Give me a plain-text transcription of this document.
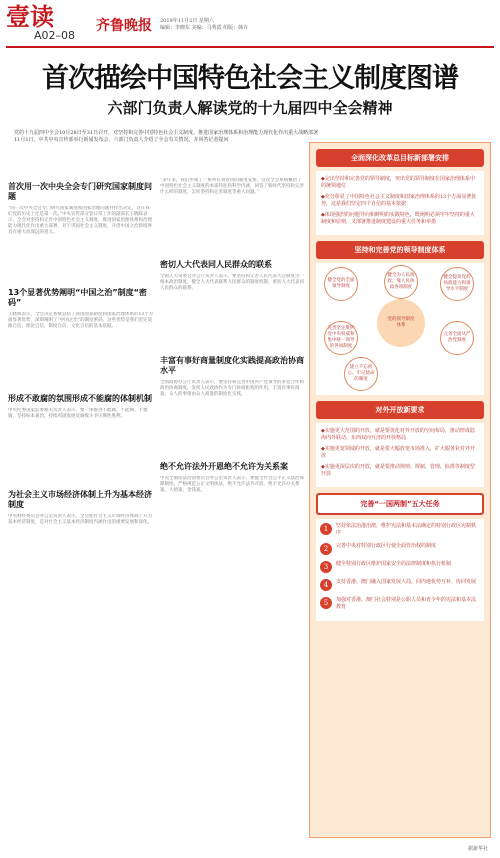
壹读
A02–08
齐鲁晚报 2019年11月2日 星期六
编辑：李晓东 美编：马秀霞 组版：韩卉
首次描绘中国特色社会主义制度图谱
六部门负责人解读党的十九届四中全会精神
党的十九届四中全会10月28日至31日召开，对坚持和完善中国特色社会主义制度、推进国家治理体系和治理能力现代化作出重大战略部署
11月1日，中共中央宣传部举行新闻发布会，六部门负责人介绍了全会有关情况，并回答记者提问
首次用一次中央全会专门研究国家制度问题

“同一次中央全会专门研究国家制度和国家治理问题并作出决定，这在我们党的历史上还是第一次。”中央宣传部分管日常工作的副部长王晓晖表示，全会对坚持和完善中国特色社会主义制度、推进国家治理体系和治理能力现代化作出重大部署，对于巩固社会主义制度、开创中国之治新境界具有重大而深远的意义。

13个显著优势阐明“中国之治”制度“密码”

王晓晖表示，全会决定系统总结了我国国家制度和国家治理体系的13个方面显著优势，深刻阐明了“中国之治”的制度密码，这些优势是我们坚定道路自信、理论自信、制度自信、文化自信的基本依据。

形成不敢腐的氛围形成不能腐的体制机制

中央纪委国家监委相关负责人表示，要一体推进不敢腐、不能腐、不想腐，坚持标本兼治，持续巩固发展反腐败斗争压倒性胜利。

为社会主义市场经济体制上升为基本经济制度

中央财经委员会办公室负责人表示，全会把社会主义市场经济体制上升为基本经济制度，是对社会主义基本经济制度内涵作出的重要发展和深化。

“多年来，我们形成了一系列有效管用的制度安排，这次全会系统概括了中国特色社会主义制度的本质特征和科学内涵，回答了新时代坚持和完善什么样的制度、怎样坚持和完善制度等重大问题。”

密切人大代表同人民群众的联系

全国人大常委会办公厅负责人表示，要坚持和完善人民代表大会制度这一根本政治制度，健全人大代表联系人民群众的制度机制，密切人大代表同人民群众的联系。

丰富有事好商量制度化实践提高政治协商水平

全国政协办公厅负责人表示，要坚持和完善中国共产党领导的多党合作和政治协商制度，发挥人民政协作为专门协商机构的作用，丰富有事好商量、众人的事情由众人商量的制度化实践。

绝不允许法外开恩绝不允许为关系案

中央全面依法治国委员会办公室负责人表示，要健全社会公平正义法治保障制度，严格规范公正文明执法，绝不允许法外开恩，绝不允许办关系案、人情案、金钱案。

全面深化改革总目标新部署安排
◆完出坚持和完善党的领导制度，突出党的领导制度在国家治理体系中的统领地位
◆充分彰显了中国特色社会主义制度和国家治理体系的13个方面显著优势，这是我们坚定四个自信的基本依据
◆体现强烈的问题导向和鲜明的实践特色，既阐明必须牢牢坚持的重大制度和原则，又部署推进制度建设的重大任务和举措
坚持和完善党的领导制度体系
党的领导制度体系
健全党的全面领导制度
健全为人民执政、靠人民执政各项制度
健全提高党的执政能力和领导水平制度
完善坚定维护党中央权威和集中统一领导的各项制度
完善全面从严治党制度
建立不忘初心、牢记使命的制度
对外开放新要求
◆实施更大范围的开放，就是要优化对外开放的空间布局，推动形成陆海内外联动、东西双向互济的开放格局
◆实施更宽领域的开放，就是要大幅放宽市场准入，扩大服务业对外开放
◆实施更深层次的开放，就是要推动规则、规制、管理、标准等制度型开放
完善“一国两制”五大任务
1	坚持依法治港治澳，维护宪法和基本法确定的特别行政区宪制秩序
2	完善中央对特别行政区行使全面管治权的制度
3	健全特别行政区维护国家安全的法律制度和执行机制
4	支持香港、澳门融入国家发展大局，同内地优势互补、协同发展
5	加强对香港、澳门社会特别是公职人员和青少年的宪法和基本法教育
据新华社
